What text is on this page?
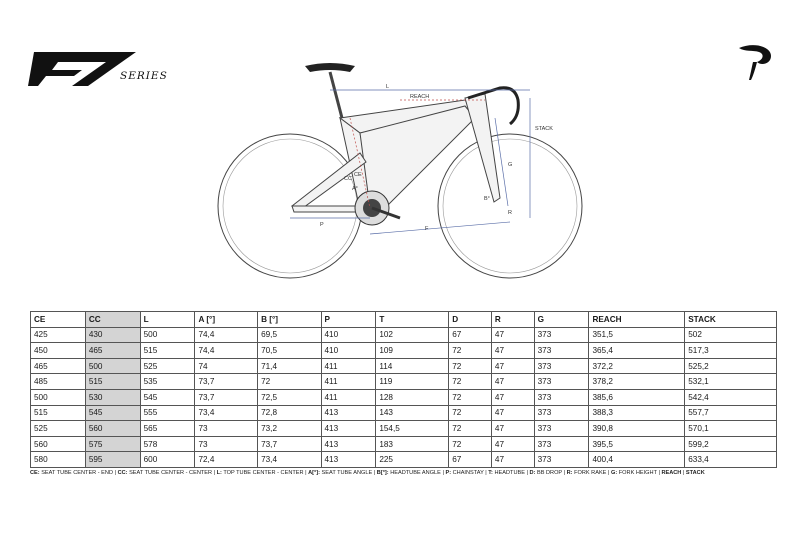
SERIES
L
REACH
STACK
CE
CC
A°
B°
G
R
P
F
CE	CC	L	A [°]	B [°]	P	T	D	R	G	REACH	STACK
425	430	500	74,4	69,5	410	102	67	47	373	351,5	502
450	465	515	74,4	70,5	410	109	72	47	373	365,4	517,3
465	500	525	74	71,4	411	114	72	47	373	372,2	525,2
485	515	535	73,7	72	411	119	72	47	373	378,2	532,1
500	530	545	73,7	72,5	411	128	72	47	373	385,6	542,4
515	545	555	73,4	72,8	413	143	72	47	373	388,3	557,7
525	560	565	73	73,2	413	154,5	72	47	373	390,8	570,1
560	575	578	73	73,7	413	183	72	47	373	395,5	599,2
580	595	600	72,4	73,4	413	225	67	47	373	400,4	633,4
CE: SEAT TUBE CENTER - END | CC: SEAT TUBE CENTER - CENTER | L: TOP TUBE CENTER - CENTER | A[°]: SEAT TUBE ANGLE | B[°]: HEADTUBE ANGLE | P: CHAINSTAY | T: HEADTUBE | D: BB DROP | R: FORK RAKE | G: FORK HEIGHT | REACH | STACK
